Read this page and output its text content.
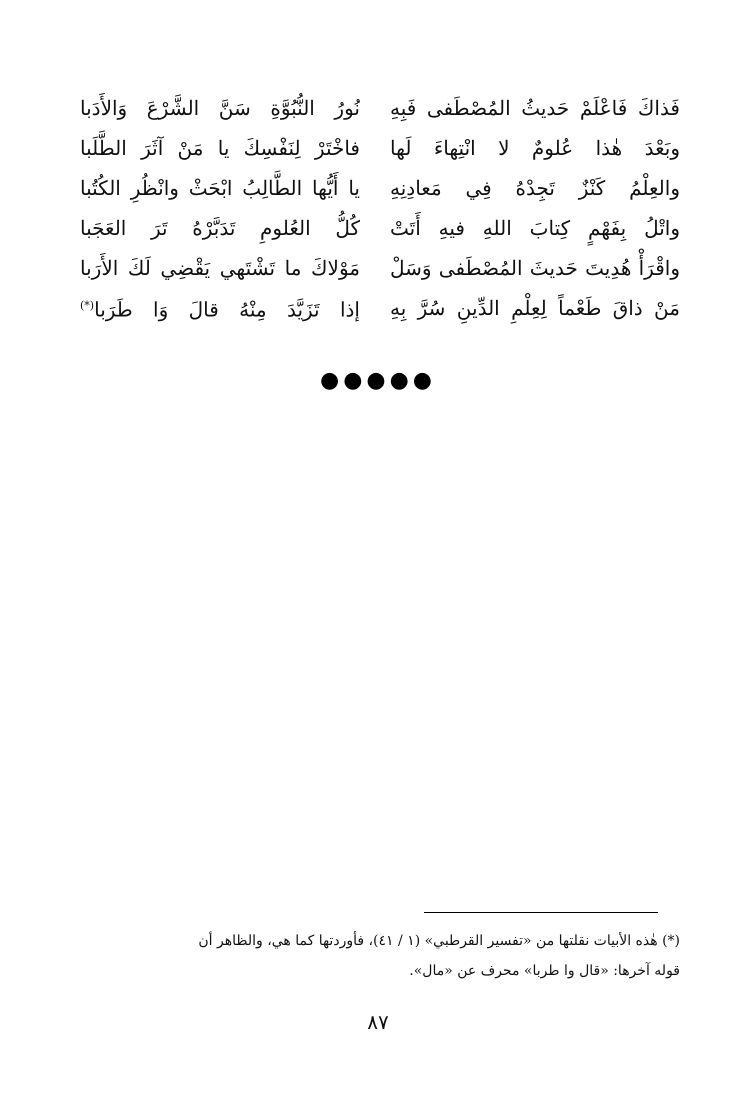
فَذاكَ فَاعْلَمْ حَديثُ المُصْطَفى فَبِهِ
نُورُ النُّبُوَّةِ سَنَّ الشَّرْعَ وَالأَدَبا
وبَعْدَ هٰذا عُلومٌ لا انْتِهاءَ لَها
فاخْتَرْ لِنَفْسِكَ يا مَنْ آثَرَ الطَّلَبا
والعِلْمُ كَنْزٌ تَجِدْهُ فِي مَعادِنِهِ
يا أَيُّها الطَّالِبُ ابْحَثْ وانْظُرِ الكُتُبا
واتْلُ بِفَهْمٍ كِتابَ اللهِ فيهِ أَتَتْ
كُلُّ العُلومِ تَدَبَّرْهُ تَرَ العَجَبا
واقْرَأْ هُدِيتَ حَديثَ المُصْطَفى وَسَلْ
مَوْلاكَ ما تَشْتَهي يَقْضِي لَكَ الأَرَبا
مَنْ ذاقَ طَعْماً لِعِلْمِ الدِّينِ سُرَّ بِهِ
إذا تَزَيَّدَ مِنْهُ قالَ وَا طَرَبا(*)
●●●●●
(*) هٰذه الأبيات نقلتها من «تفسير القرطبي» (١ / ٤١)، فأوردتها كما هي، والظاهر أن
قوله آخرها: «قال وا طربا» محرف عن «مال».
٨٧
